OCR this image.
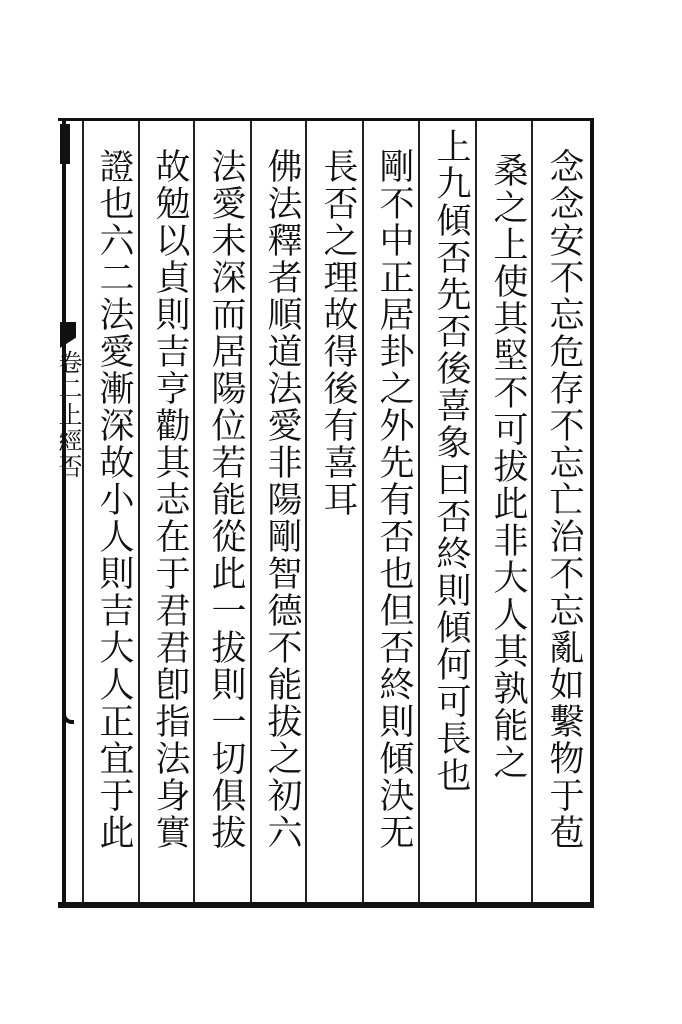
卷二上經否	念念安不忘危存不忘亡治不忘亂如繫物于苞
桑之上使其堅不可拔此非大人其孰能之
上九傾否先否後喜象曰否終則傾何可長也
剛不中正居卦之外先有否也但否終則傾決无
長否之理故得後有喜耳
佛法釋者順道法愛非陽剛智德不能拔之初六
法愛未深而居陽位若能從此一拔則一切俱拔
故勉以貞則吉亨勸其志在于君君卽指法身實
證也六二法愛漸深故小人則吉大人正宜于此
